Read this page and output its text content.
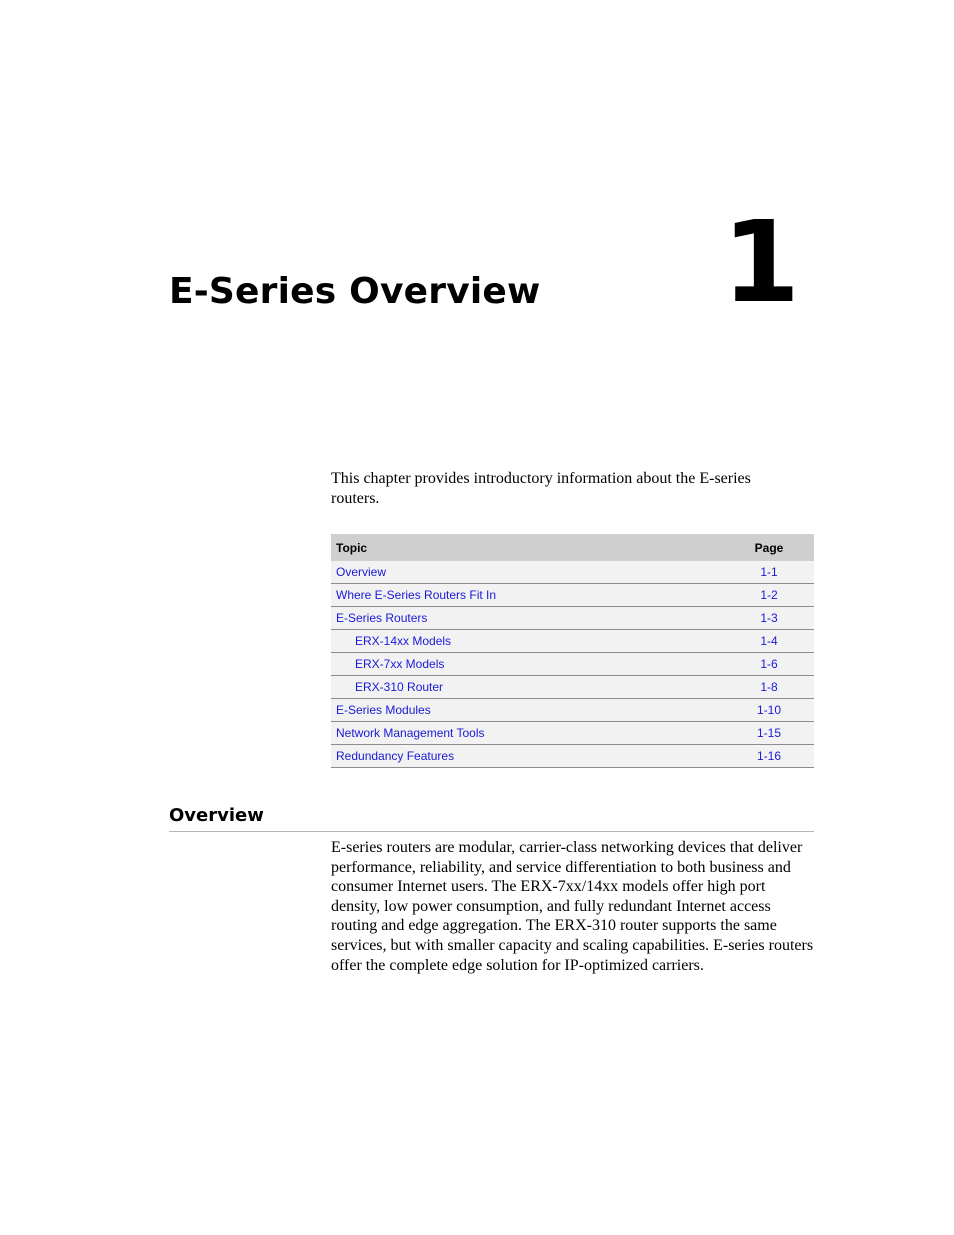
E-Series Overview 1

This chapter provides introductory information about the E-series routers.

Topic	Page
Overview	1-1
Where E-Series Routers Fit In	1-2
E-Series Routers	1-3
ERX-14xx Models	1-4
ERX-7xx Models	1-6
ERX-310 Router	1-8
E-Series Modules	1-10
Network Management Tools	1-15
Redundancy Features	1-16
Overview

E-series routers are modular, carrier-class networking devices that deliver performance, reliability, and service differentiation to both business and consumer Internet users. The ERX-7xx/14xx models offer high port density, low power consumption, and fully redundant Internet access routing and edge aggregation. The ERX-310 router supports the same services, but with smaller capacity and scaling capabilities. E-series routers offer the complete edge solution for IP-optimized carriers.
